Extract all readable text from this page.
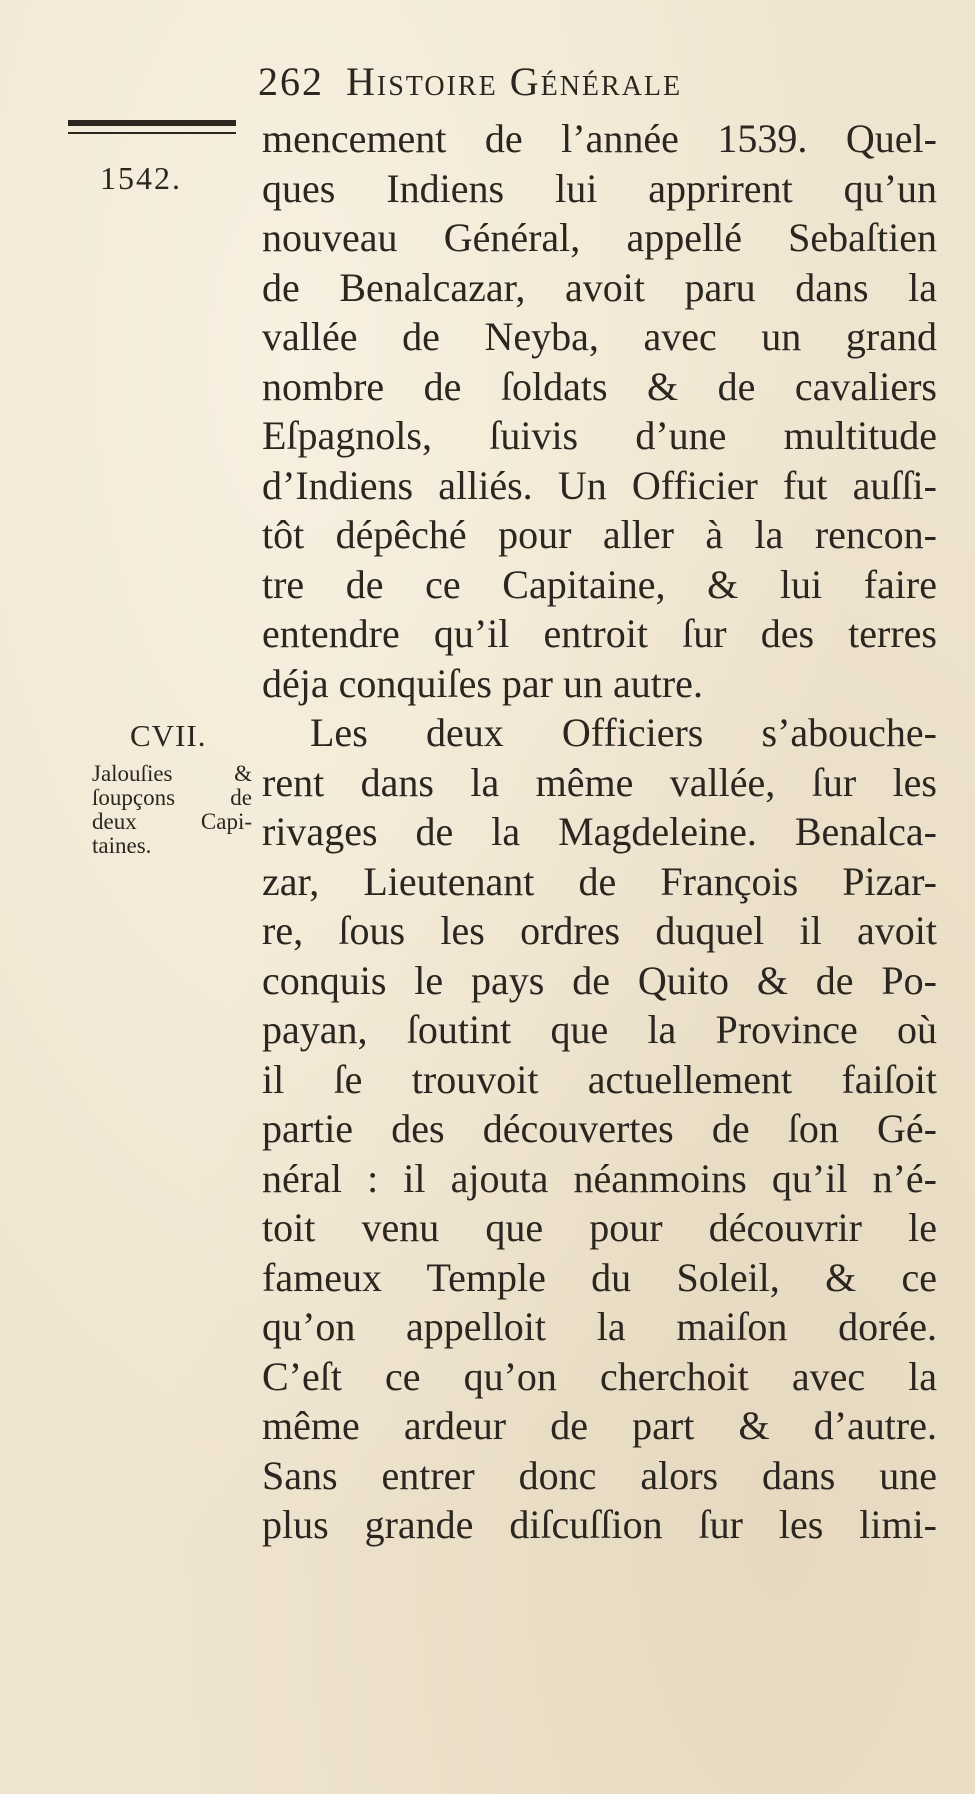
262 Histoire Générale
1542.
mencement de l’année 1539. Quel-
ques Indiens lui apprirent qu’un
nouveau Général, appellé Sebaſtien
de Benalcazar, avoit paru dans la
vallée de Neyba, avec un grand
nombre de ſoldats & de cavaliers
Eſpagnols, ſuivis d’une multitude
d’Indiens alliés. Un Officier fut auſſi-
tôt dépêché pour aller à la rencon-
tre de ce Capitaine, & lui faire
entendre qu’il entroit ſur des terres
déja conquiſes par un autre.
Les deux Officiers s’abouche-
rent dans la même vallée, ſur les
rivages de la Magdeleine. Benalca-
zar, Lieutenant de François Pizar-
re, ſous les ordres duquel il avoit
conquis le pays de Quito & de Po-
payan, ſoutint que la Province où
il ſe trouvoit actuellement faiſoit
partie des découvertes de ſon Gé-
néral : il ajouta néanmoins qu’il n’é-
toit venu que pour découvrir le
fameux Temple du Soleil, & ce
qu’on appelloit la maiſon dorée.
C’eſt ce qu’on cherchoit avec la
même ardeur de part & d’autre.
Sans entrer donc alors dans une
plus grande diſcuſſion ſur les limi-
CVII.
Jalouſies &
ſoupçons de
deux Capi-
taines.
